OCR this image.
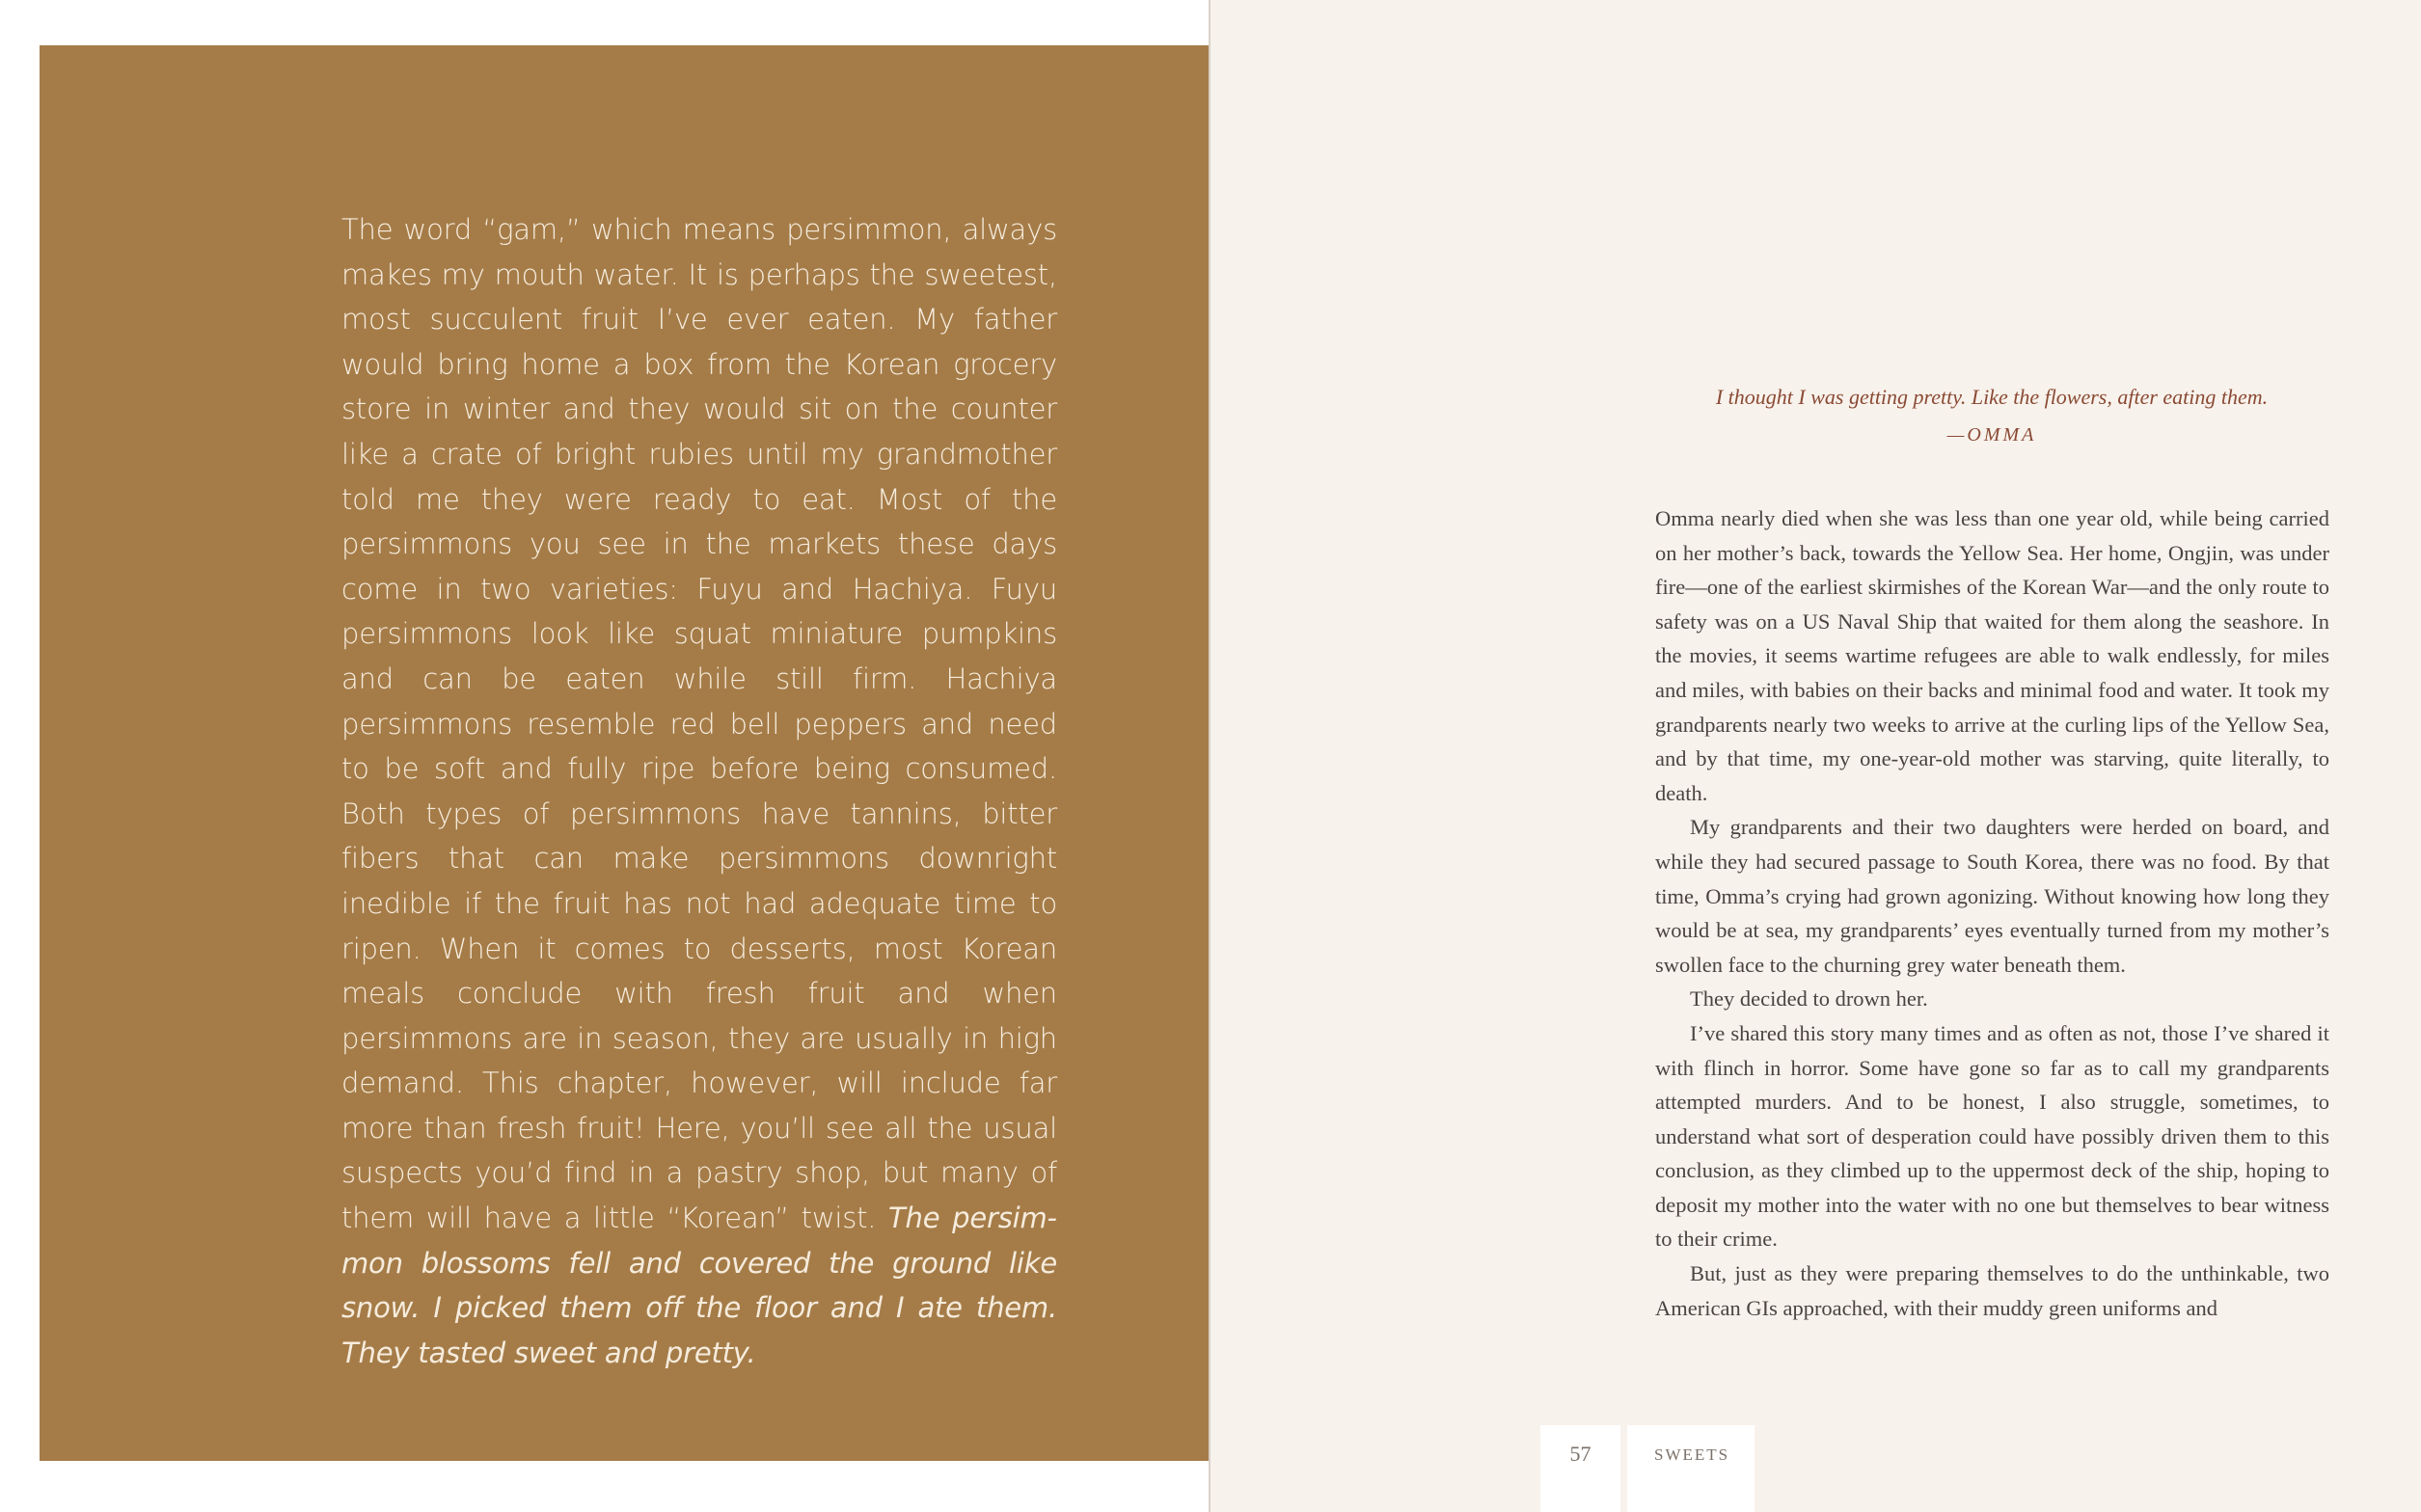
The word “gam,” which means persimmon, always makes my mouth water. It is perhaps the sweetest, most succulent fruit I’ve ever eaten. My father would bring home a box from the Korean grocery store in winter and they would sit on the counter like a crate of bright rubies until my grandmother told me they were ready to eat. Most of the persimmons you see in the markets these days come in two varieties: Fuyu and Hachiya. Fuyu persimmons look like squat miniature pumpkins and can be eaten while still firm. Hachiya persimmons resemble red bell peppers and need to be soft and fully ripe before being consumed. Both types of persimmons have tannins, bitter fibers that can make persimmons downright inedible if the fruit has not had adequate time to ripen. When it comes to desserts, most Korean meals conclude with fresh fruit and when persimmons are in season, they are usually in high demand. This chapter, however, will include far more than fresh fruit! Here, you’ll see all the usual suspects you’d find in a pastry shop, but many of them will have a little “Korean” twist.

The persimmon blossoms fell and covered the ground like snow. I picked them off the floor and I ate them. They tasted sweet and pretty.

I thought I was getting pretty. Like the flowers, after eating them.
—OMMA

Omma nearly died when she was less than one year old, while being carried on her mother’s back, towards the Yellow Sea. Her home, Ongjin, was under fire—one of the earliest skirmishes of the Korean War—and the only route to safety was on a US Naval Ship that waited for them along the seashore. In the movies, it seems wartime refugees are able to walk endlessly, for miles and miles, with babies on their backs and minimal food and water. It took my grandparents nearly two weeks to arrive at the curling lips of the Yellow Sea, and by that time, my one-year-old mother was starving, quite literally, to death.

My grandparents and their two daughters were herded on board, and while they had secured passage to South Korea, there was no food. By that time, Omma’s crying had grown agonizing. Without knowing how long they would be at sea, my grandparents’ eyes eventually turned from my mother’s swollen face to the churning grey water beneath them.

They decided to drown her.

I’ve shared this story many times and as often as not, those I’ve shared it with flinch in horror. Some have gone so far as to call my grandparents attempted murders. And to be honest, I also struggle, sometimes, to understand what sort of desperation could have possibly driven them to this conclusion, as they climbed up to the uppermost deck of the ship, hoping to deposit my mother into the water with no one but themselves to bear witness to their crime.

But, just as they were preparing themselves to do the unthinkable, two American GIs approached, with their muddy green uniforms and

57	SWEETS
